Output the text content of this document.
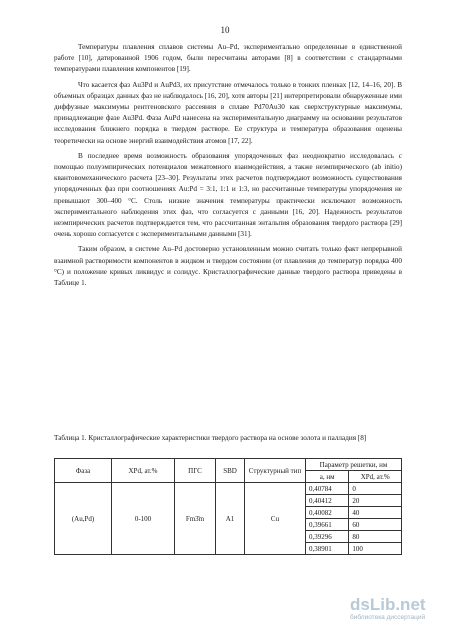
10

Температуры плавления сплавов системы Au–Pd, экспериментально определенные в единственной работе [10], датированной 1906 годом, были пересчитаны авторами [8] в соответствии с стандартными температурами плавления компонентов [19].

Что касается фаз Au3Pd и AuPd3, их присутствие отмечалось только в тонких пленках [12, 14–16, 20]. В объемных образцах данных фаз не наблюдалось [16, 20], хотя авторы [21] интерпретировали обнаруженные ими диффузные максимумы рентгеновского рассеяния в сплаве Pd70Au30 как сверхструктурные максимумы, принадлежащие фазе Au3Pd. Фаза AuPd нанесена на экспериментальную диаграмму на основании результатов исследования ближнего порядка в твердом растворе. Ее структура и температура образования оценены теоретически на основе энергий взаимодействия атомов [17, 22].

В последнее время возможность образования упорядоченных фаз неоднократно исследовалась с помощью полуэмпирических потенциалов межатомного взаимодействия, а также неэмпирического (ab initio) квантовомеханического расчета [23–30]. Результаты этих расчетов подтверждают возможность существования упорядоченных фаз при соотношениях Au:Pd = 3:1, 1:1 и 1:3, но рассчитанные температуры упорядочения не превышают 300–400 °С. Столь низкие значения температуры практически исключают возможность экспериментального наблюдения этих фаз, что согласуется с данными [16, 20]. Надежность результатов неэмпирических расчетов подтверждается тем, что рассчитанная энтальпия образования твердого раствора [29] очень хорошо согласуется с экспериментальными данными [31].

Таким образом, в системе Au–Pd достоверно установленным можно считать только факт непрерывной взаимной растворимости компонентов в жидком и твердом состоянии (от плавления до температур порядка 400 °С) и положение кривых ликвидус и солидус. Кристаллографические данные твердого раствора приведены в Таблице 1.

Таблица 1. Кристаллографические характеристики твердого раствора на основе золота и палладия [8]
Фаза	XPd, ат.%	ПГС	SBD	Структурный тип	Параметр решетки, нм	
					a, нм	XPd, ат.%
(Au,Pd)	0-100	Fm3̄m	A1	Cu	0,40784	0
					0,40412	20
					0,40082	40
					0,39661	60
					0,39296	80
					0,38901	100
dsLib.net
библиотека диссертаций
